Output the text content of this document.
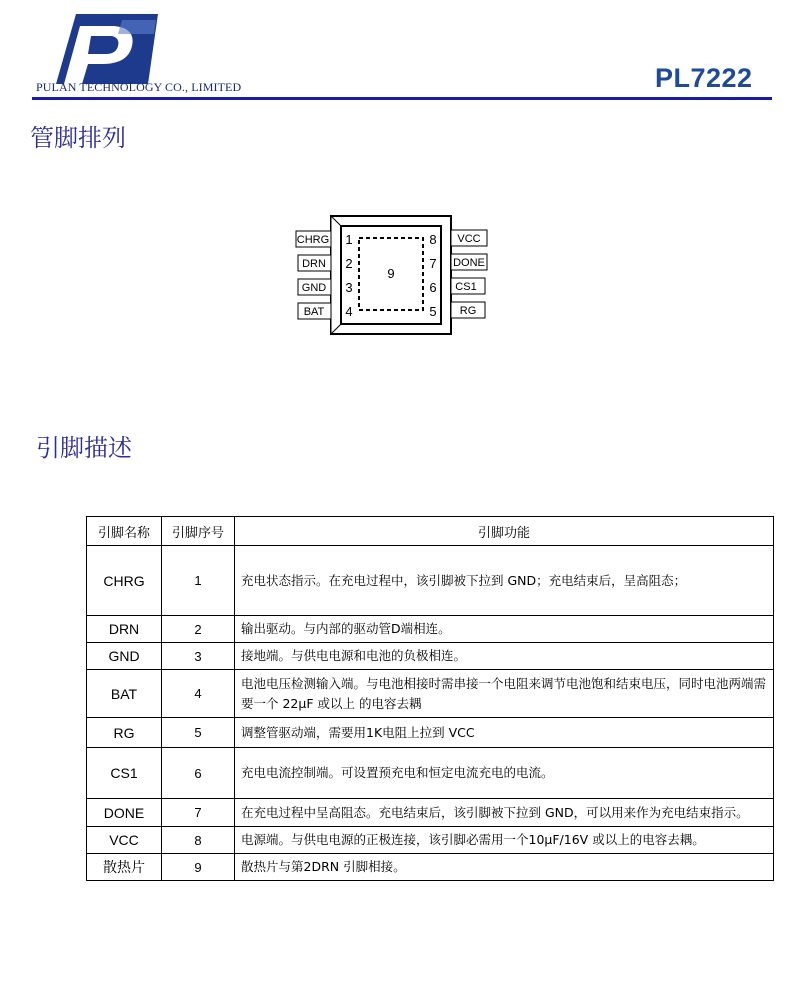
PULAN TECHNOLOGY CO., LIMITED	PL7222
管脚排列
9
CHRG 1
DRN 2
GND 3
BAT 4
VCC
8
DONE
7
CS1
6
RG
5
引脚描述
引脚名称	引脚序号	引脚功能
CHRG	1	充电状态指示。在充电过程中，该引脚被下拉到 GND；充电结束后，呈高阻态；
DRN	2	输出驱动。与内部的驱动管D端相连。
GND	3	接地端。与供电电源和电池的负极相连。
BAT	4	电池电压检测输入端。与电池相接时需串接一个电阻来调节电池饱和结束电压，同时电池两端需要一个 22μF 或以上 的电容去耦
RG	5	调整管驱动端，需要用1K电阻上拉到 VCC
CS1	6	充电电流控制端。可设置预充电和恒定电流充电的电流。
DONE	7	在充电过程中呈高阻态。充电结束后，该引脚被下拉到 GND，可以用来作为充电结束指示。
VCC	8	电源端。与供电电源的正极连接，该引脚必需用一个10μF/16V 或以上的电容去耦。
散热片	9	散热片与第2DRN 引脚相接。
